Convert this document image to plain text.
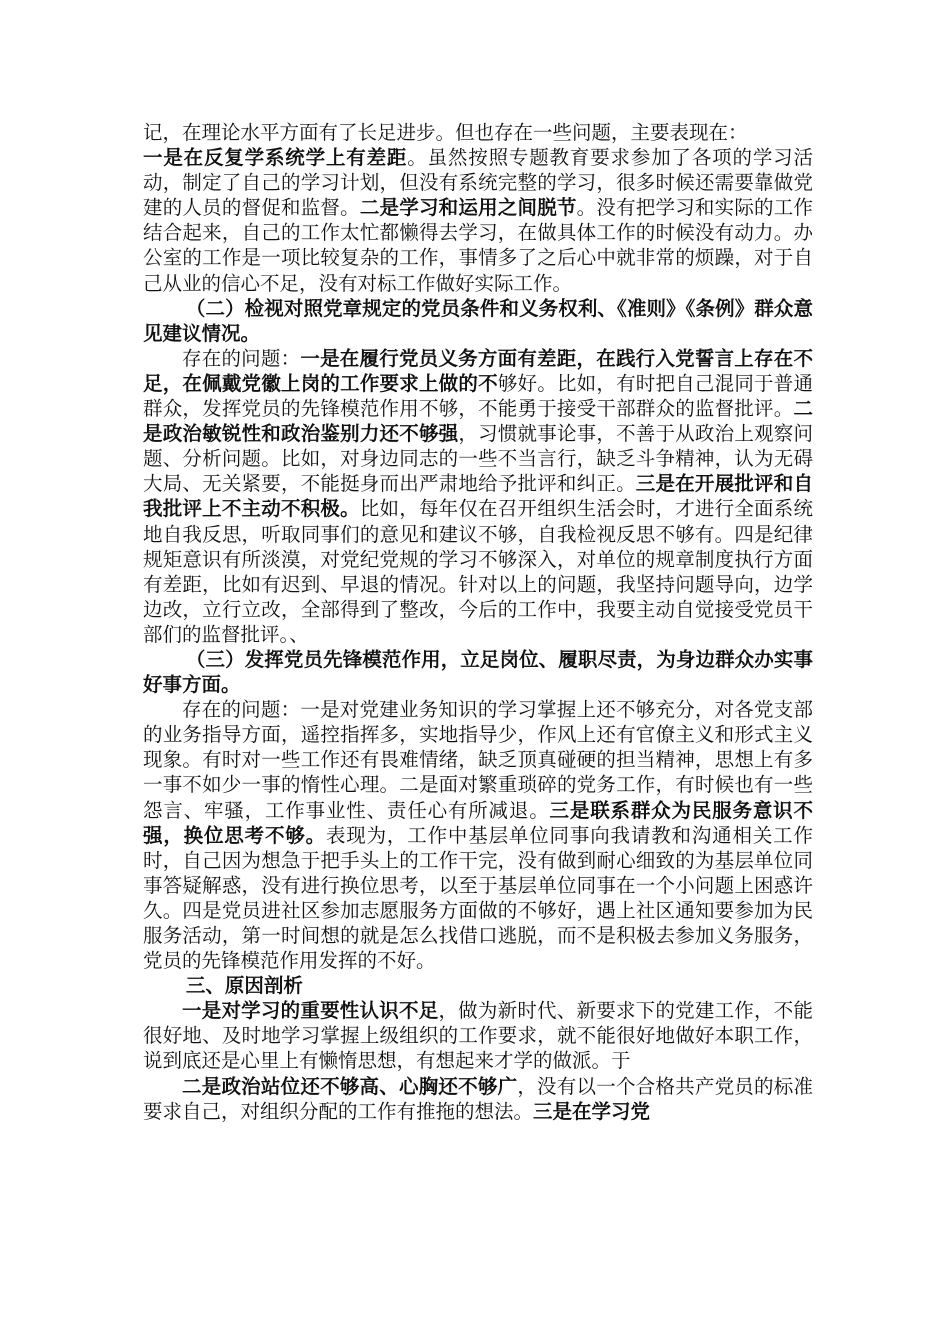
记，在理论水平方面有了长足进步。但也存在一些问题，主要表现在：

一是在反复学系统学上有差距。虽然按照专题教育要求参加了各项的学习活动，制定了自己的学习计划，但没有系统完整的学习，很多时候还需要靠做党建的人员的督促和监督。二是学习和运用之间脱节。没有把学习和实际的工作结合起来，自己的工作太忙都懒得去学习，在做具体工作的时候没有动力。办公室的工作是一项比较复杂的工作，事情多了之后心中就非常的烦躁，对于自己从业的信心不足，没有对标工作做好实际工作。

（二）检视对照党章规定的党员条件和义务权利、《准则》《条例》群众意见建议情况。

存在的问题：一是在履行党员义务方面有差距，在践行入党誓言上存在不足，在佩戴党徽上岗的工作要求上做的不够好。比如，有时把自己混同于普通群众，发挥党员的先锋模范作用不够，不能勇于接受干部群众的监督批评。二是政治敏锐性和政治鉴别力还不够强，习惯就事论事，不善于从政治上观察问题、分析问题。比如，对身边同志的一些不当言行，缺乏斗争精神，认为无碍大局、无关紧要，不能挺身而出严肃地给予批评和纠正。三是在开展批评和自我批评上不主动不积极。比如，每年仅在召开组织生活会时，才进行全面系统地自我反思，听取同事们的意见和建议不够，自我检视反思不够有。四是纪律规矩意识有所淡漠，对党纪党规的学习不够深入，对单位的规章制度执行方面有差距，比如有迟到、早退的情况。针对以上的问题，我坚持问题导向，边学边改，立行立改，全部得到了整改，今后的工作中，我要主动自觉接受党员干部们的监督批评。、

（三）发挥党员先锋模范作用，立足岗位、履职尽责，为身边群众办实事好事方面。

存在的问题：一是对党建业务知识的学习掌握上还不够充分，对各党支部的业务指导方面，遥控指挥多，实地指导少，作风上还有官僚主义和形式主义现象。有时对一些工作还有畏难情绪，缺乏顶真碰硬的担当精神，思想上有多一事不如少一事的惰性心理。二是面对繁重琐碎的党务工作，有时候也有一些怨言、牢骚，工作事业性、责任心有所减退。三是联系群众为民服务意识不强，换位思考不够。表现为，工作中基层单位同事向我请教和沟通相关工作时，自己因为想急于把手头上的工作干完，没有做到耐心细致的为基层单位同事答疑解惑，没有进行换位思考，以至于基层单位同事在一个小问题上困惑许久。四是党员进社区参加志愿服务方面做的不够好，遇上社区通知要参加为民服务活动，第一时间想的就是怎么找借口逃脱，而不是积极去参加义务服务，党员的先锋模范作用发挥的不好。

三、原因剖析

一是对学习的重要性认识不足，做为新时代、新要求下的党建工作，不能很好地、及时地学习掌握上级组织的工作要求，就不能很好地做好本职工作，说到底还是心里上有懒惰思想，有想起来才学的做派。于

二是政治站位还不够高、心胸还不够广，没有以一个合格共产党员的标准要求自己，对组织分配的工作有推拖的想法。三是在学习党
